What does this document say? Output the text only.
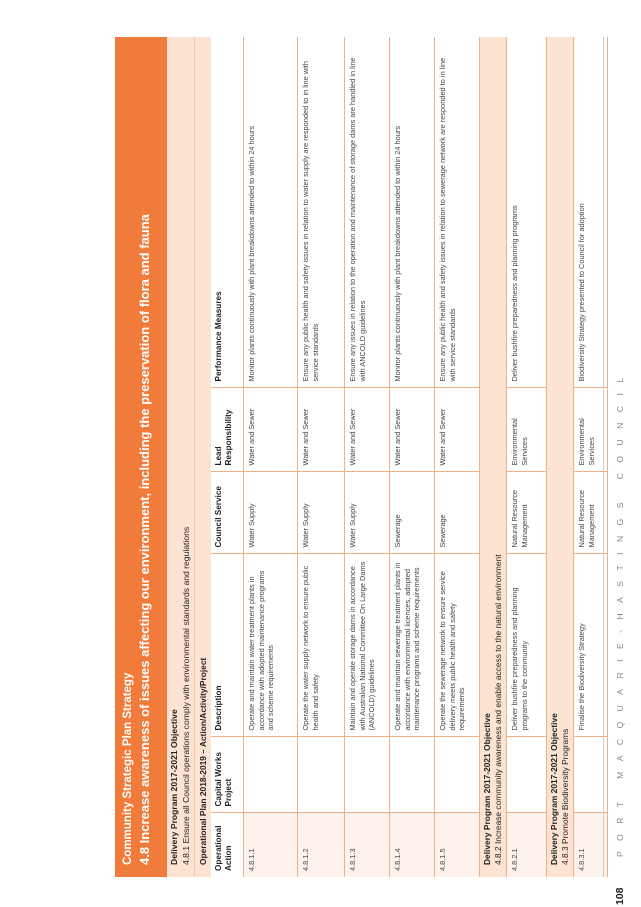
Community Strategic Plan Strategy 4.8 Increase awareness of issues affecting our environment, including the preservation of flora and fauna Delivery Program 2017-2021 Objective 4.8.1 Ensure all Council operations comply with environmental standards and regulations Operational Plan 2018-2019 – Action/Activity/Project Operational Action	Capital Works Project	Description	Council Service	Lead Responsibility	Performance Measures
4.8.1.1		Operate and maintain water treatment plants in accordance with adopted maintenance programs and scheme requirements	Water Supply	Water and Sewer	Monitor plants continuously with plant breakdowns attended to within 24 hours
4.8.1.2		Operate the water supply network to ensure public health and safety	Water Supply	Water and Sewer	Ensure any public health and safety issues in relation to water supply are responded to in line with service standards
4.8.1.3		Maintain and operate storage dams in accordance with Australian National Committee On Large Dams (ANCOLD) guidelines	Water Supply	Water and Sewer	Ensure any issues in relation to the operation and maintenance of storage dams are handled in line with ANCOLD guidelines
4.8.1.4		Operate and maintain sewerage treatment plants in accordance with environmental licences, adopted maintenance programs and scheme requirements	Sewerage	Water and Sewer	Monitor plants continuously with plant breakdowns attended to within 24 hours
4.8.1.5		Operate the sewerage network to ensure service delivery meets public health and safety requirements	Sewerage	Water and Sewer	Ensure any public health and safety issues in relation to sewerage network are responded to in line with service standards

Delivery Program 2017-2021 Objective 4.8.2 Increase community awareness and enable access to the natural environment					

4.8.2.1		Deliver bushfire preparedness and planning programs to the community	Natural Resource Management	Environmental Services	Deliver bushfire preparedness and planning programs

Delivery Program 2017-2021 Objective 4.8.3 Promote Biodiversity Programs					

4.8.3.1		Finalise the Biodiversity Strategy	Natural Resource Management	Environmental Services	Biodiversity Strategy presented to Council for adoption
108
PORT MACQUARIE-HASTINGS COUNCIL
